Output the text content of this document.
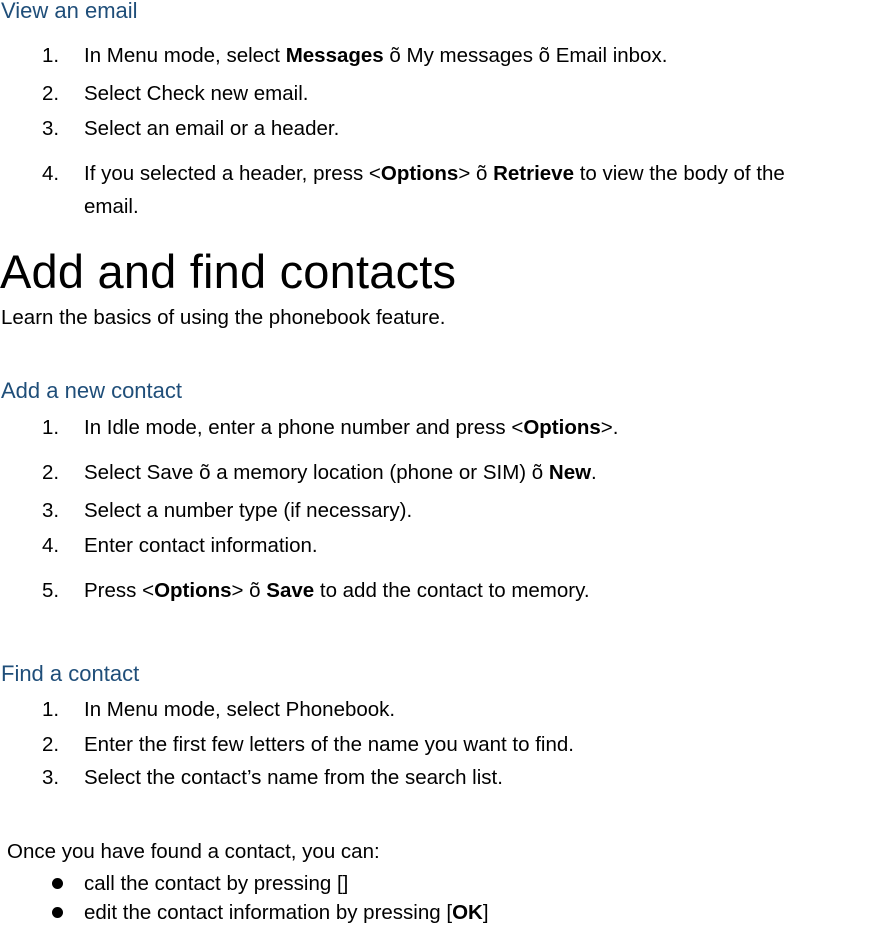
View an email
1. In Menu mode, select Messages õ My messages õ Email inbox.
2. Select Check new email.
3. Select an email or a header.
4. If you selected a header, press <Options> õ Retrieve to view the body of the
email.
Add and find contacts
Learn the basics of using the phonebook feature.
Add a new contact
1. In Idle mode, enter a phone number and press <Options>.
2. Select Save õ a memory location (phone or SIM) õ New.
3. Select a number type (if necessary).
4. Enter contact information.
5. Press <Options> õ Save to add the contact to memory.
Find a contact
1. In Menu mode, select Phonebook.
2. Enter the first few letters of the name you want to find.
3. Select the contact’s name from the search list.
Once you have found a contact, you can:
call the contact by pressing []
edit the contact information by pressing [OK]
